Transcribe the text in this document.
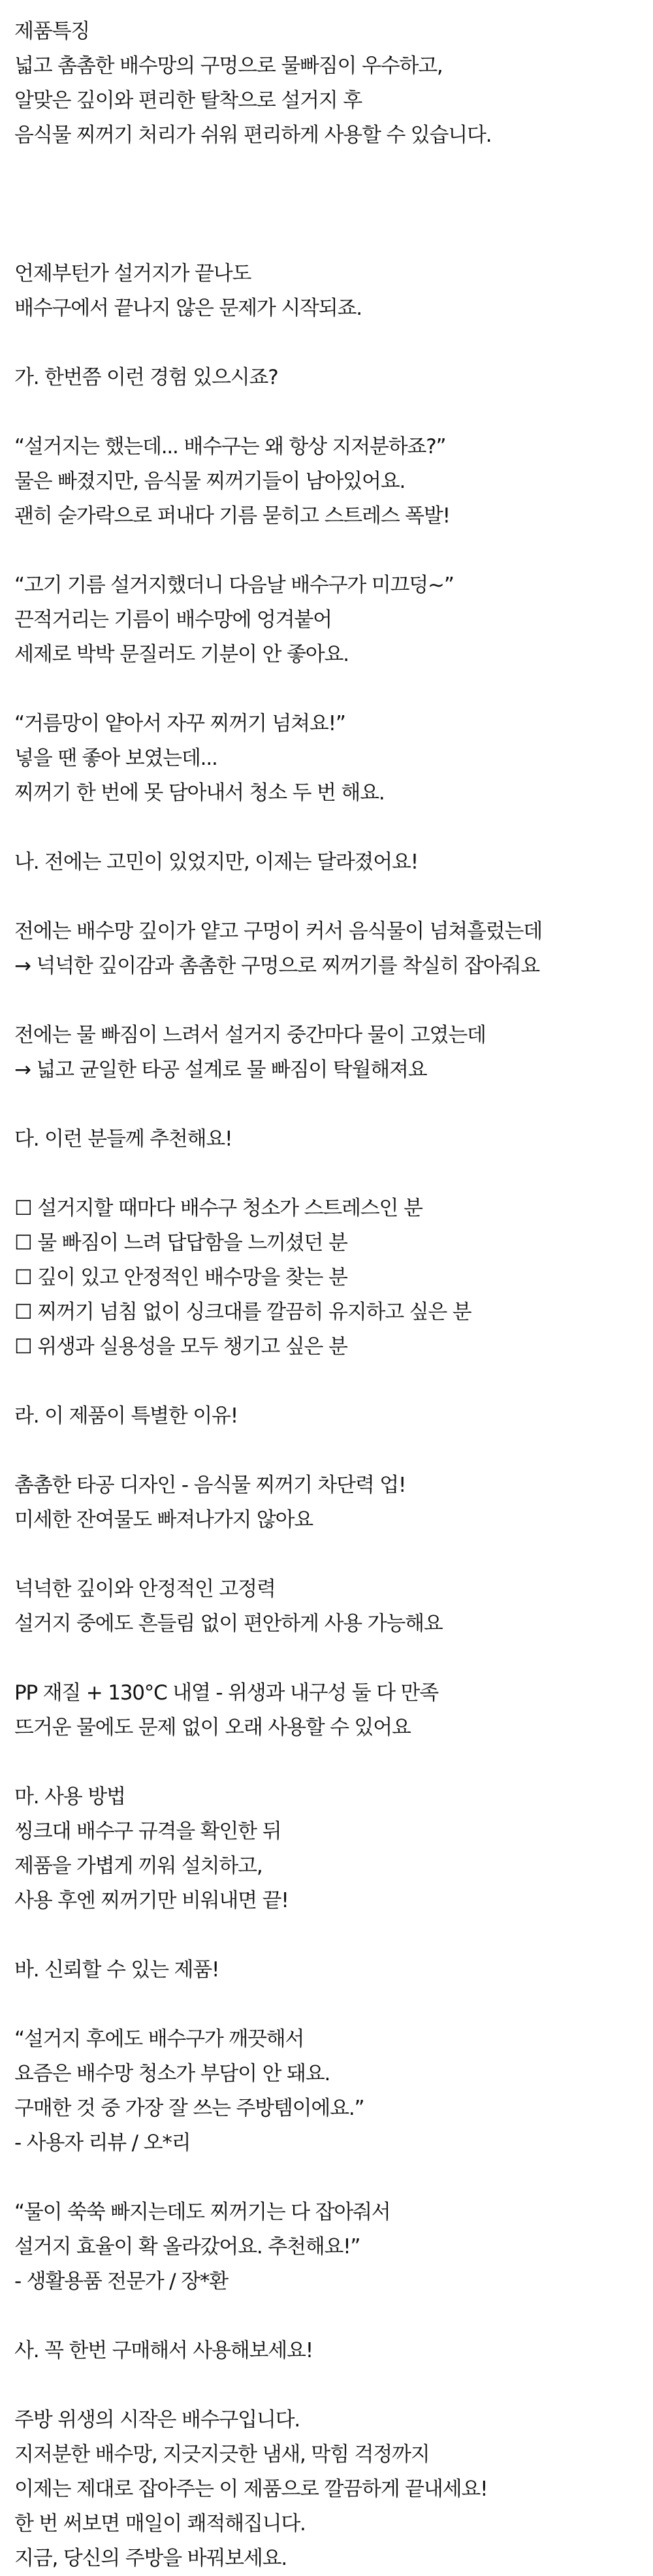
제품특징
넓고 촘촘한 배수망의 구멍으로 물빠짐이 우수하고,
알맞은 깊이와 편리한 탈착으로 설거지 후
음식물 찌꺼기 처리가 쉬워 편리하게 사용할 수 있습니다.
언제부턴가 설거지가 끝나도
배수구에서 끝나지 않은 문제가 시작되죠.
가. 한번쯤 이런 경험 있으시죠?
“설거지는 했는데... 배수구는 왜 항상 지저분하죠?”
물은 빠졌지만, 음식물 찌꺼기들이 남아있어요.
괜히 숟가락으로 퍼내다 기름 묻히고 스트레스 폭발!
“고기 기름 설거지했더니 다음날 배수구가 미끄덩~”
끈적거리는 기름이 배수망에 엉겨붙어
세제로 박박 문질러도 기분이 안 좋아요.
“거름망이 얕아서 자꾸 찌꺼기 넘쳐요!”
넣을 땐 좋아 보였는데...
찌꺼기 한 번에 못 담아내서 청소 두 번 해요.
나. 전에는 고민이 있었지만, 이제는 달라졌어요!
전에는 배수망 깊이가 얕고 구멍이 커서 음식물이 넘쳐흘렀는데
→ 넉넉한 깊이감과 촘촘한 구멍으로 찌꺼기를 착실히 잡아줘요
전에는 물 빠짐이 느려서 설거지 중간마다 물이 고였는데
→ 넓고 균일한 타공 설계로 물 빠짐이 탁월해져요
다. 이런 분들께 추천해요!
☐ 설거지할 때마다 배수구 청소가 스트레스인 분
☐ 물 빠짐이 느려 답답함을 느끼셨던 분
☐ 깊이 있고 안정적인 배수망을 찾는 분
☐ 찌꺼기 넘침 없이 싱크대를 깔끔히 유지하고 싶은 분
☐ 위생과 실용성을 모두 챙기고 싶은 분
라. 이 제품이 특별한 이유!
촘촘한 타공 디자인 - 음식물 찌꺼기 차단력 업!
미세한 잔여물도 빠져나가지 않아요
넉넉한 깊이와 안정적인 고정력
설거지 중에도 흔들림 없이 편안하게 사용 가능해요
PP 재질 + 130°C 내열 - 위생과 내구성 둘 다 만족
뜨거운 물에도 문제 없이 오래 사용할 수 있어요
마. 사용 방법
씽크대 배수구 규격을 확인한 뒤
제품을 가볍게 끼워 설치하고,
사용 후엔 찌꺼기만 비워내면 끝!
바. 신뢰할 수 있는 제품!
“설거지 후에도 배수구가 깨끗해서
요즘은 배수망 청소가 부담이 안 돼요.
구매한 것 중 가장 잘 쓰는 주방템이에요.”
- 사용자 리뷰 / 오*리
“물이 쑥쑥 빠지는데도 찌꺼기는 다 잡아줘서
설거지 효율이 확 올라갔어요. 추천해요!”
- 생활용품 전문가 / 장*환
사. 꼭 한번 구매해서 사용해보세요!
주방 위생의 시작은 배수구입니다.
지저분한 배수망, 지긋지긋한 냄새, 막힘 걱정까지
이제는 제대로 잡아주는 이 제품으로 깔끔하게 끝내세요!
한 번 써보면 매일이 쾌적해집니다.
지금, 당신의 주방을 바꿔보세요.
